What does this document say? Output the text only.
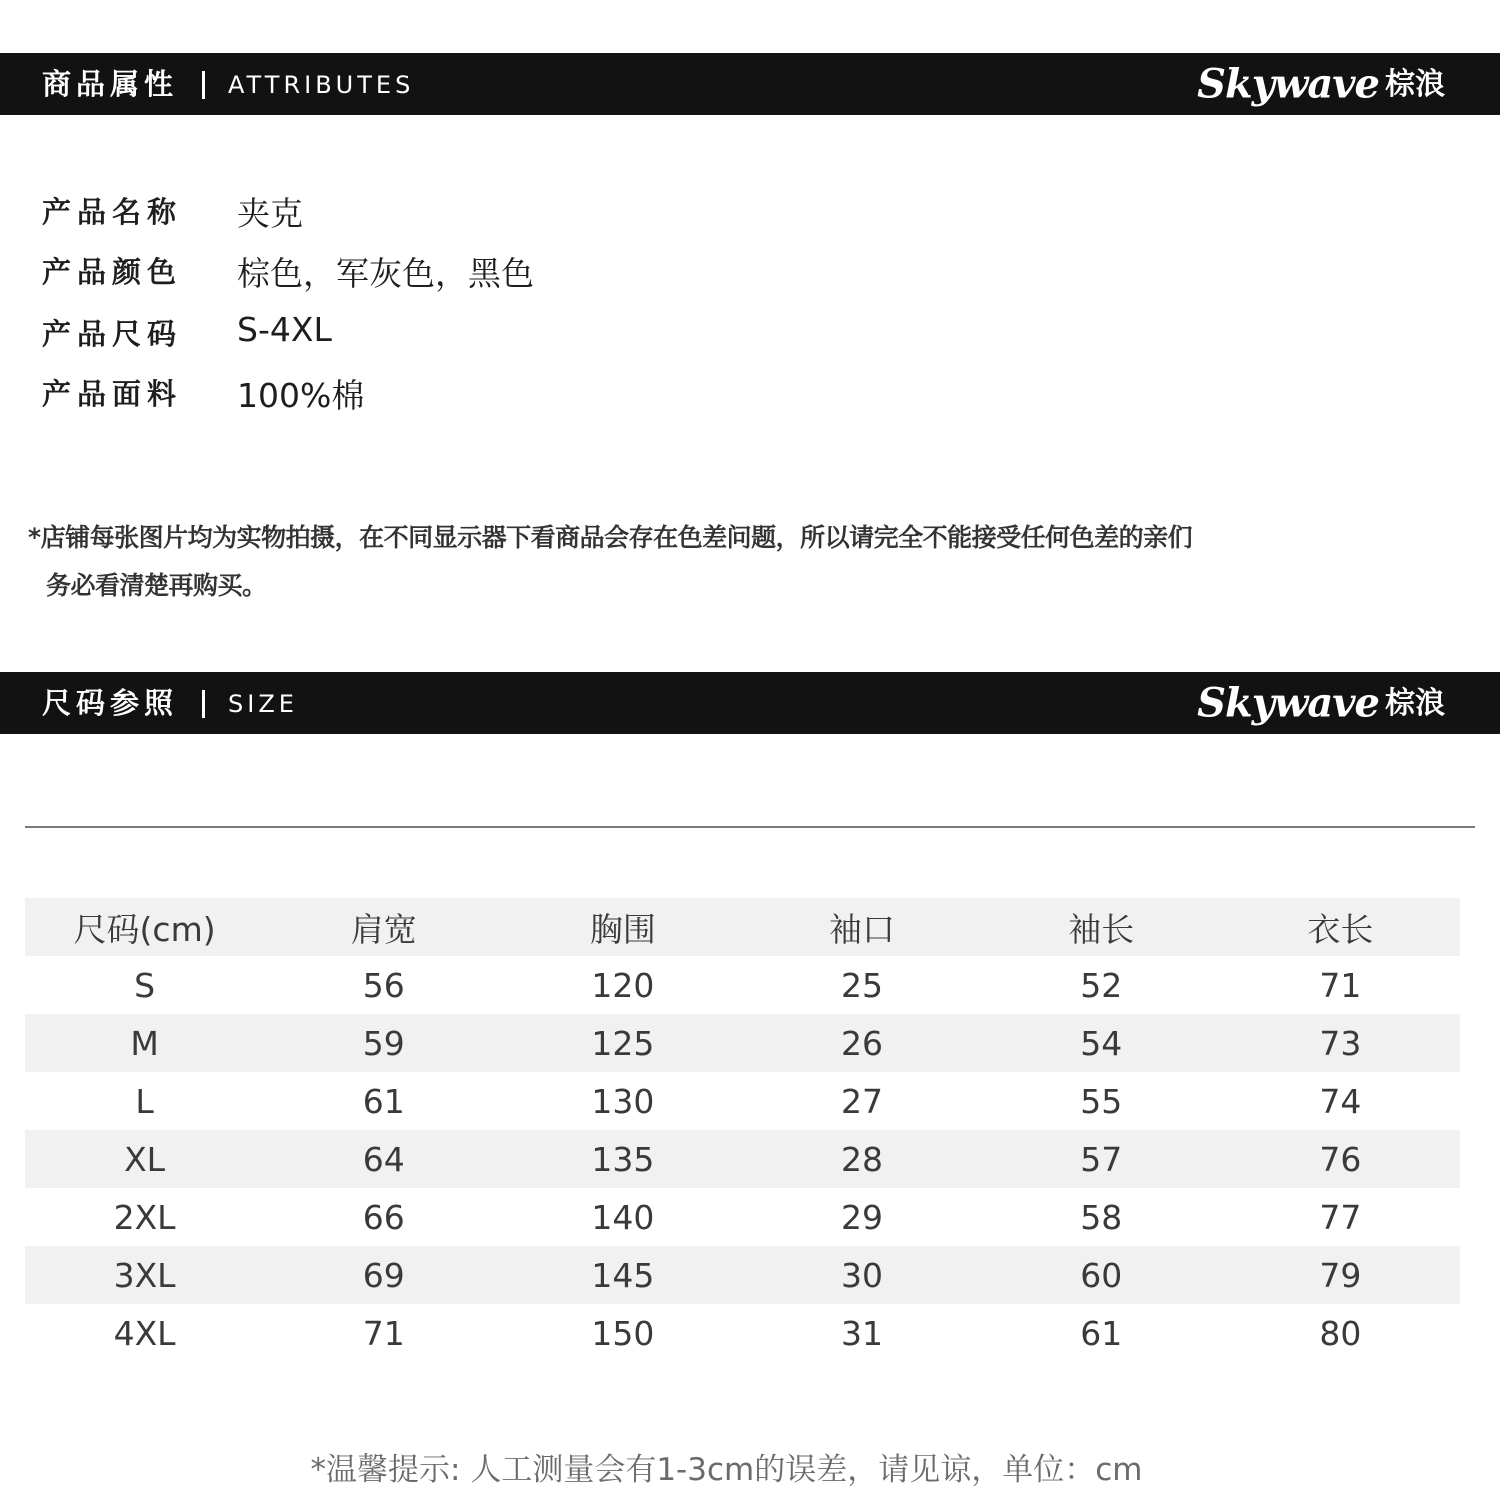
商品属性 ATTRIBUTES	Skywave 棕浪
产品名称	夹克
产品颜色	棕色，军灰色，黑色
产品尺码	S-4XL
产品面料	100%棉
*店铺每张图片均为实物拍摄，在不同显示器下看商品会存在色差问题，所以请完全不能接受任何色差的亲们
务必看清楚再购买。
尺码参照 SIZE	Skywave 棕浪
尺码(cm)	肩宽	胸围	袖口	袖长	衣长
S	56	120	25	52	71
M	59	125	26	54	73
L	61	130	27	55	74
XL	64	135	28	57	76
2XL	66	140	29	58	77
3XL	69	145	30	60	79
4XL	71	150	31	61	80
*温馨提示: 人工测量会有1-3cm的误差，请见谅，单位：cm
